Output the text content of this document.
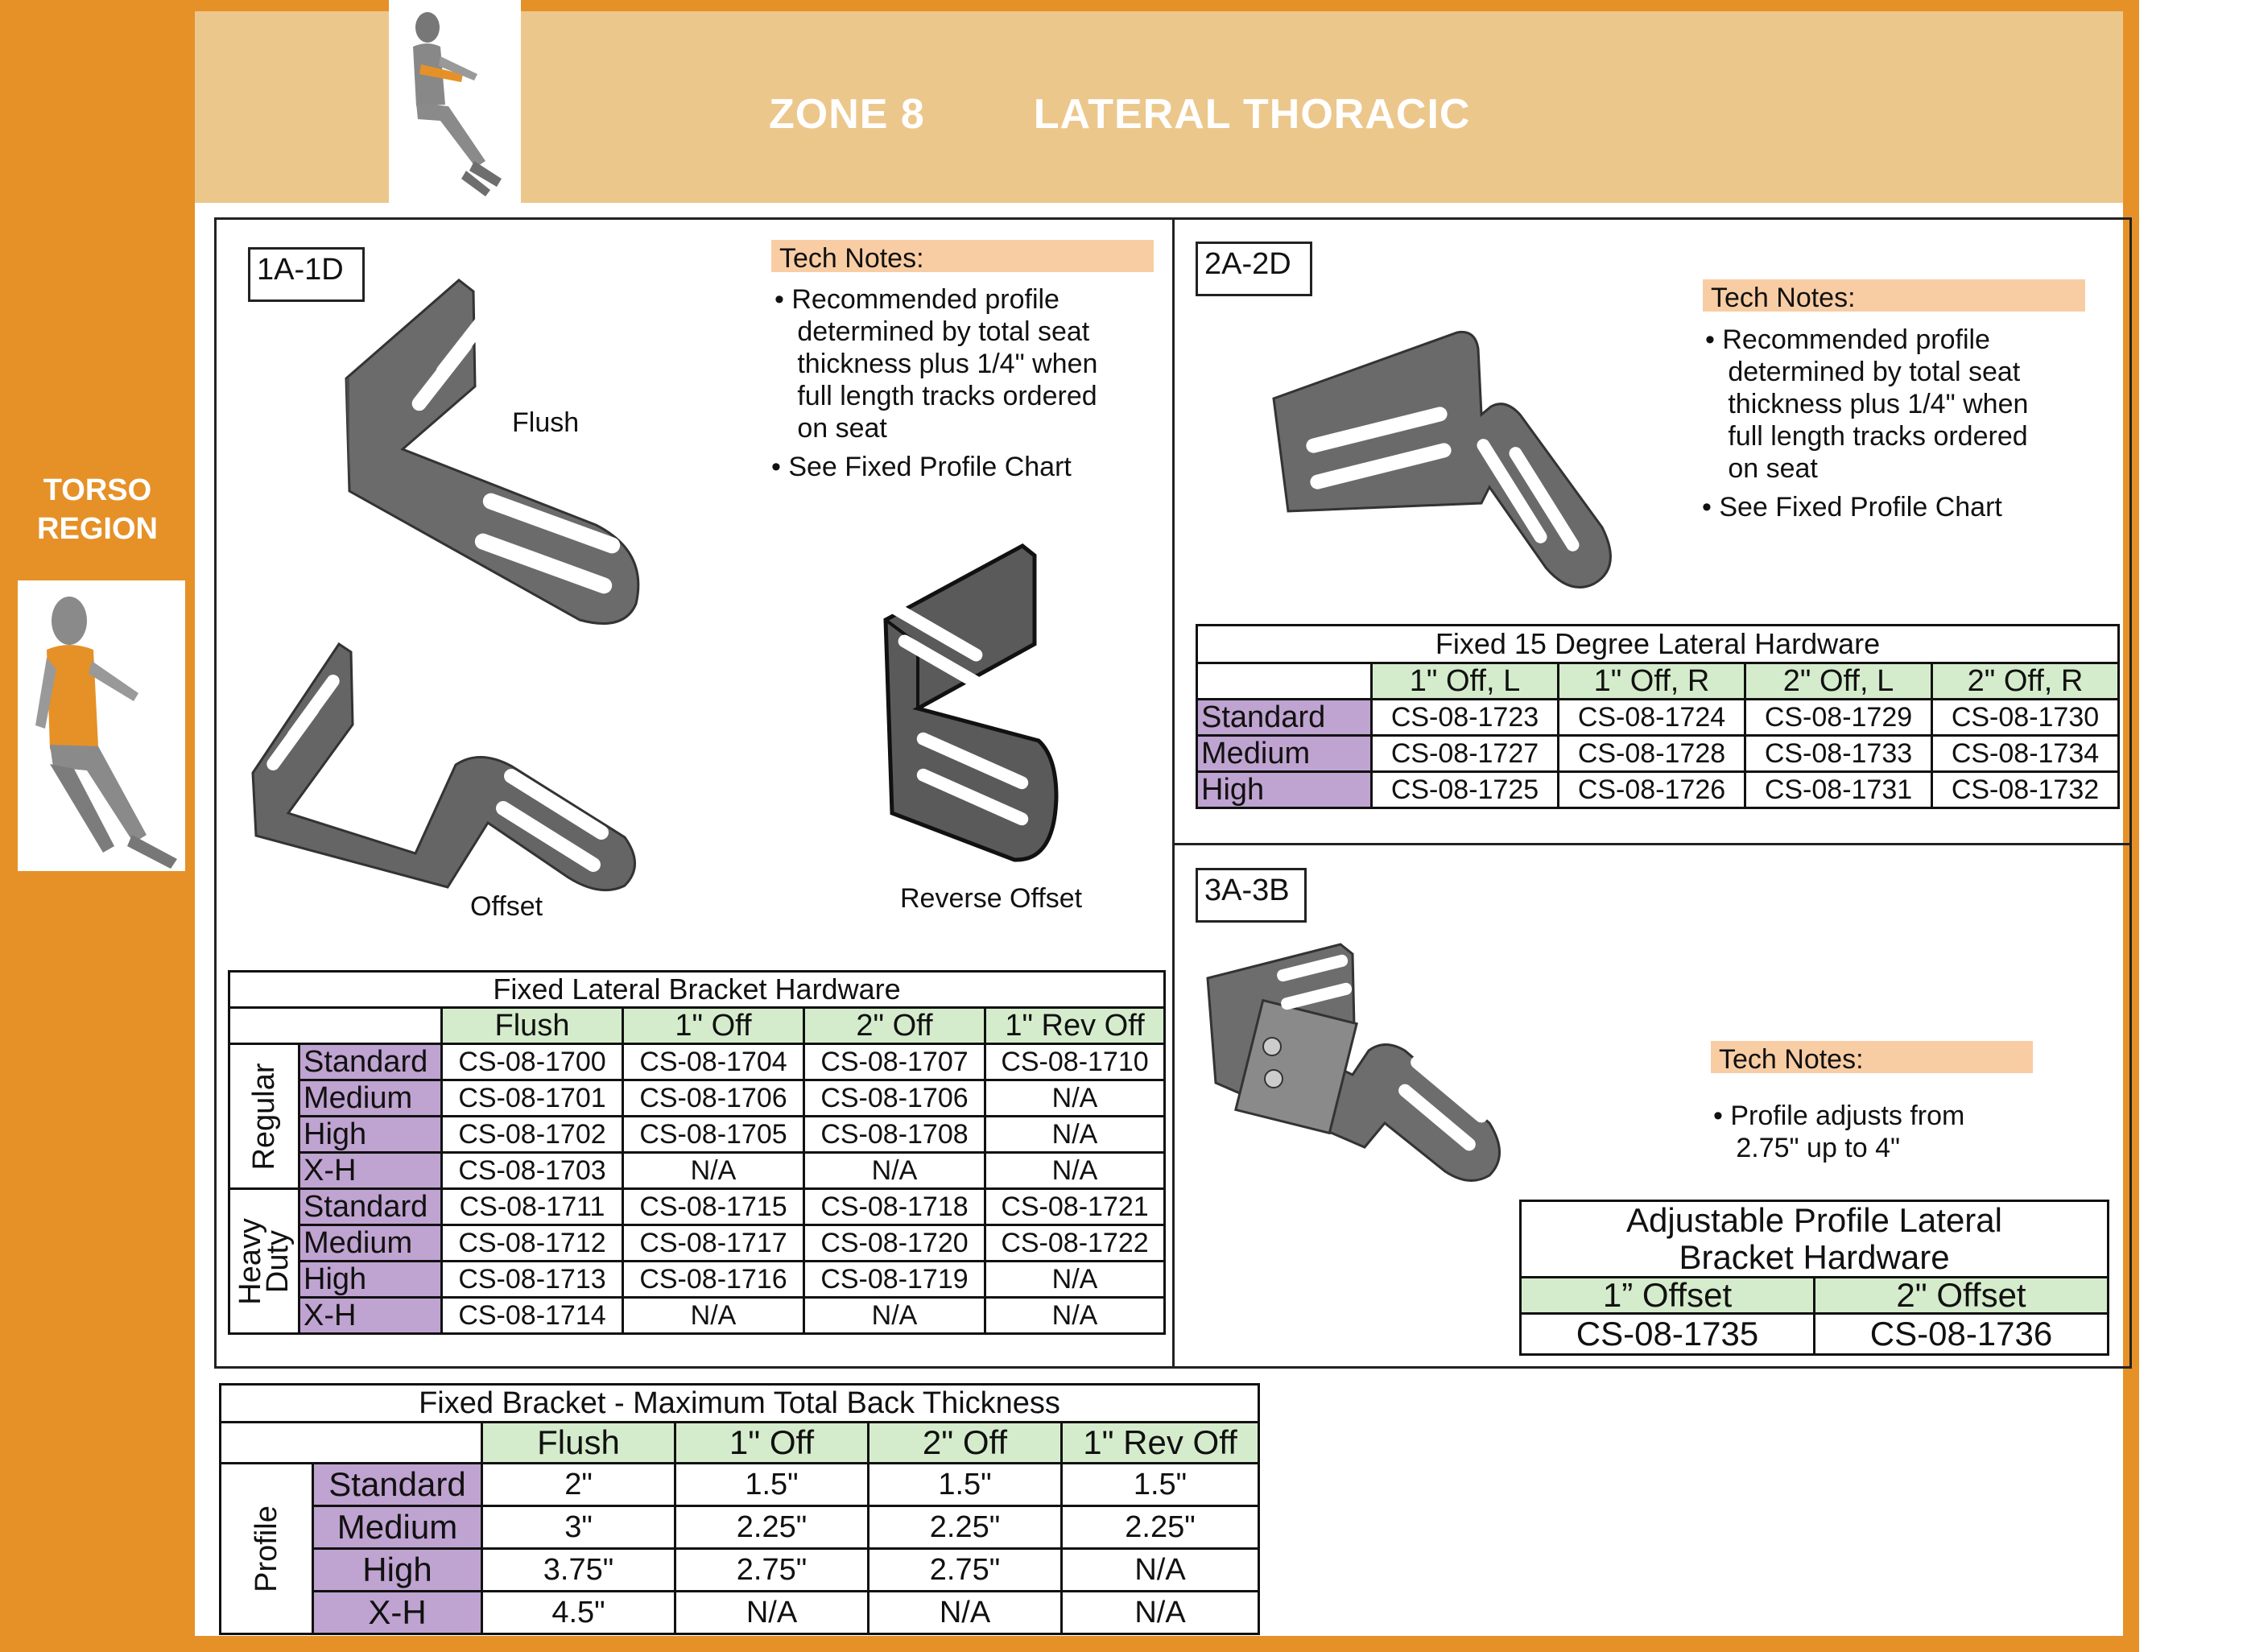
ZONE 8	LATERAL THORACIC
TORSO
REGION
1A-1D	Tech Notes:
• Recommended profile
determined by total seat
thickness plus 1/4" when
full length tracks ordered
on seat
• See Fixed Profile Chart
Flush
Offset	Reverse Offset
Fixed Lateral Bracket Hardware					
		Flush	1" Off	2" Off	1" Rev Off

Regular	Standard	CS-08-1700	CS-08-1704	CS-08-1707	CS-08-1710
	Medium	CS-08-1701	CS-08-1706	CS-08-1706	N/A
	High	CS-08-1702	CS-08-1705	CS-08-1708	N/A
	X-H	CS-08-1703	N/A	N/A	N/A

Heavy
Duty	Standard	CS-08-1711	CS-08-1715	CS-08-1718	CS-08-1721
	Medium	CS-08-1712	CS-08-1717	CS-08-1720	CS-08-1722
	High	CS-08-1713	CS-08-1716	CS-08-1719	N/A
	X-H	CS-08-1714	N/A	N/A	N/A
2A-2D
Tech Notes:
• Recommended profile
determined by total seat
thickness plus 1/4" when
full length tracks ordered
on seat
• See Fixed Profile Chart
Fixed 15 Degree Lateral Hardware				
	1" Off, L	1" Off, R	2" Off, L	2" Off, R
Standard	CS-08-1723	CS-08-1724	CS-08-1729	CS-08-1730
Medium	CS-08-1727	CS-08-1728	CS-08-1733	CS-08-1734
High	CS-08-1725	CS-08-1726	CS-08-1731	CS-08-1732
3A-3B
Tech Notes:
• Profile adjusts from
2.75" up to 4"
Adjustable Profile Lateral
Bracket Hardware	

1” Offset	2" Offset
CS-08-1735	CS-08-1736
Fixed Bracket - Maximum Total Back Thickness					
		Flush	1" Off	2" Off	1" Rev Off

Profile	Standard	2"	1.5"	1.5"	1.5"
	Medium	3"	2.25"	2.25"	2.25"
	High	3.75"	2.75"	2.75"	N/A
	X-H	4.5"	N/A	N/A	N/A
